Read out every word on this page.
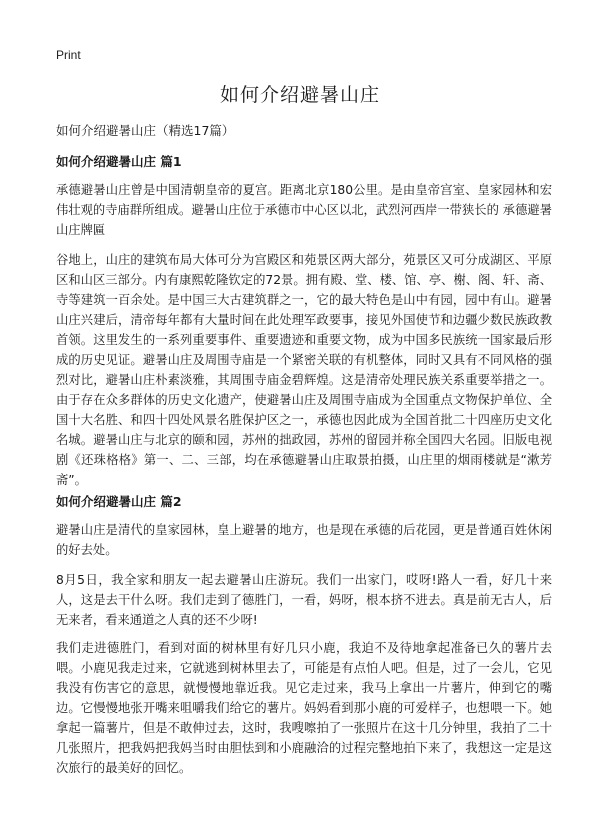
Print
如何介绍避暑山庄

如何介绍避暑山庄（精选17篇）

如何介绍避暑山庄 篇1

承德避暑山庄曾是中国清朝皇帝的夏宫。距离北京180公里。是由皇帝宫室、皇家园林和宏伟壮观的寺庙群所组成。避暑山庄位于承德市中心区以北，武烈河西岸一带狭长的 承德避暑山庄牌匾

谷地上，山庄的建筑布局大体可分为宫殿区和苑景区两大部分，苑景区又可分成湖区、平原区和山区三部分。内有康熙乾隆钦定的72景。拥有殿、堂、楼、馆、亭、榭、阁、轩、斋、寺等建筑一百余处。是中国三大古建筑群之一，它的最大特色是山中有园，园中有山。避暑山庄兴建后，清帝每年都有大量时间在此处理军政要事，接见外国使节和边疆少数民族政教首领。这里发生的一系列重要事件、重要遗迹和重要文物，成为中国多民族统一国家最后形成的历史见证。避暑山庄及周围寺庙是一个紧密关联的有机整体，同时又具有不同风格的强烈对比，避暑山庄朴素淡雅，其周围寺庙金碧辉煌。这是清帝处理民族关系重要举措之一。由于存在众多群体的历史文化遗产，使避暑山庄及周围寺庙成为全国重点文物保护单位、全国十大名胜、和四十四处风景名胜保护区之一，承德也因此成为全国首批二十四座历史文化名城。避暑山庄与北京的颐和园，苏州的拙政园，苏州的留园并称全国四大名园。旧版电视剧《还珠格格》第一、二、三部，均在承德避暑山庄取景拍摄，山庄里的烟雨楼就是“漱芳斋”。

如何介绍避暑山庄 篇2

避暑山庄是清代的皇家园林，皇上避暑的地方，也是现在承德的后花园，更是普通百姓休闲的好去处。

8月5日，我全家和朋友一起去避暑山庄游玩。我们一出家门，哎呀!路人一看，好几十来人，这是去干什么呀。我们走到了德胜门，一看，妈呀，根本挤不进去。真是前无古人，后无来者，看来通道之人真的还不少呀!

我们走进德胜门，看到对面的树林里有好几只小鹿，我迫不及待地拿起准备已久的薯片去喂。小鹿见我走过来，它就逃到树林里去了，可能是有点怕人吧。但是，过了一会儿，它见我没有伤害它的意思，就慢慢地靠近我。见它走过来，我马上拿出一片薯片，伸到它的嘴边。它慢慢地张开嘴来咀嚼我们给它的薯片。妈妈看到那小鹿的可爱样子，也想喂一下。她拿起一篇薯片，但是不敢伸过去，这时，我嗖嚓拍了一张照片在这十几分钟里，我拍了二十几张照片，把我妈把我妈当时由胆怯到和小鹿融洽的过程完整地拍下来了，我想这一定是这次旅行的最美好的回忆。
